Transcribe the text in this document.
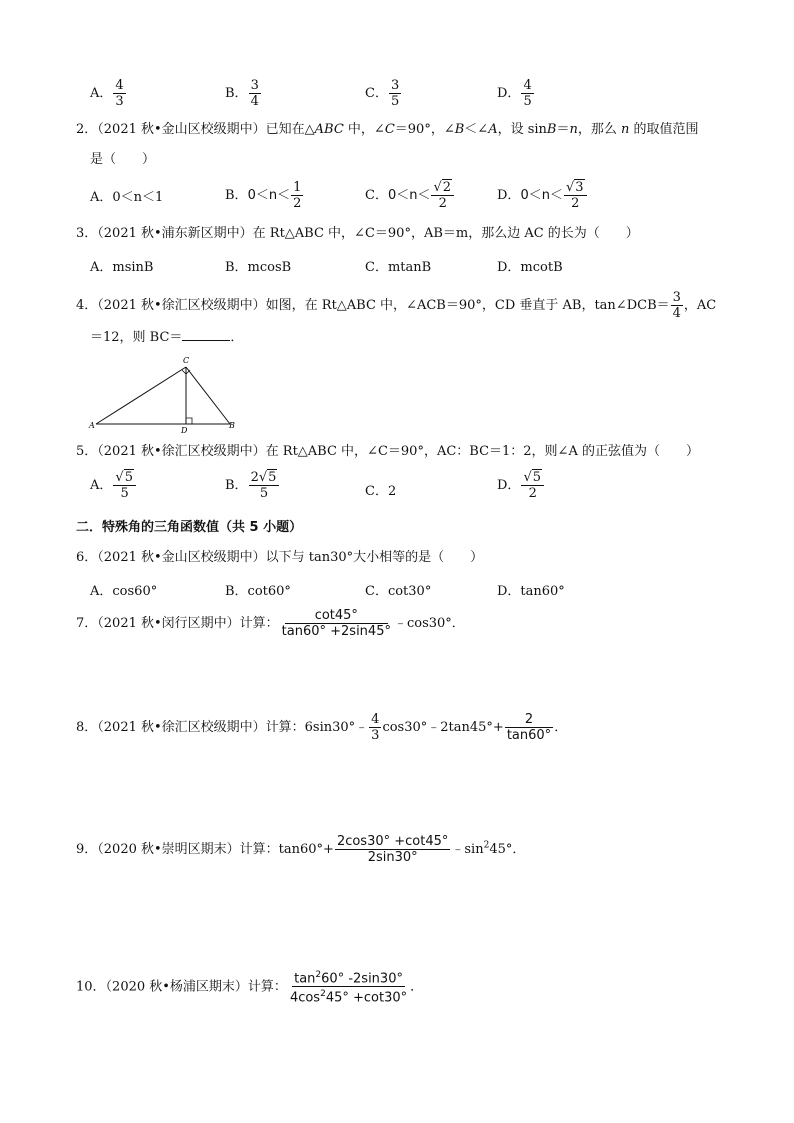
A． $\frac{4}{3}$	B． $\frac{3}{4}$	C． $\frac{3}{5}$	D． $\frac{4}{5}$
2．（2021 秋•金山区校级期中）已知在△ABC 中，∠C＝90°，∠B＜∠A，设 sinB＝n，那么 n 的取值范围
是（　　）
A．0＜n＜1	B．$0<n< \frac{1}{2}$	C．$0<n< \frac{√2}{2}$	D．$0<n< \frac{√3}{2}$
3．（2021 秋•浦东新区期中）在 Rt△ABC 中，∠C＝90°，AB＝m，那么边 AC 的长为（　　）
A．msinB	B．mcosB	C．mtanB	D．mcotB
4．（2021 秋•徐汇区校级期中）如图，在 Rt△ABC 中，∠ACB＝90°，CD 垂直于 AB，tan∠DCB＝ $\frac{3}{4}$ ，AC
＝12，则 BC＝	．
C
A
D
B
5．（2021 秋•徐汇区校级期中）在 Rt△ABC 中，∠C＝90°，AC：BC＝1：2，则∠A 的正弦值为（　　）
A． $\frac{√5}{5}$	B． $\frac{2√5}{5}$	C．2	D． $\frac{√5}{2}$
二．特殊角的三角函数值（共 5 小题）
6．（2021 秋•金山区校级期中）以下与 tan30°大小相等的是（　　）
A．cos60°	B．cot60°	C．cot30°	D．tan60°
7．（2021 秋•闵行区期中）计算： $\frac{\cot 45^\circ}{\tan 60^\circ +2\sin 45^\circ}$ ﹣cos30°．
8．（2021 秋•徐汇区校级期中）计算：6sin30°﹣ $\frac{4}{3}$ cos30°﹣2tan45°+ $\frac{2}{\tan 60^\circ}$ ．
9．（2020 秋•崇明区期末）计算：$\tan 60^\circ+ \frac{2\cos 30^\circ +\cot 45^\circ}{2\sin 30^\circ}$ $﹣\sin^245^\circ$．
10．（2020 秋•杨浦区期末）计算： $\frac{\tan^260^\circ -2\sin 30^\circ}{4\cos^245^\circ +\cot 30^\circ}$ ．
